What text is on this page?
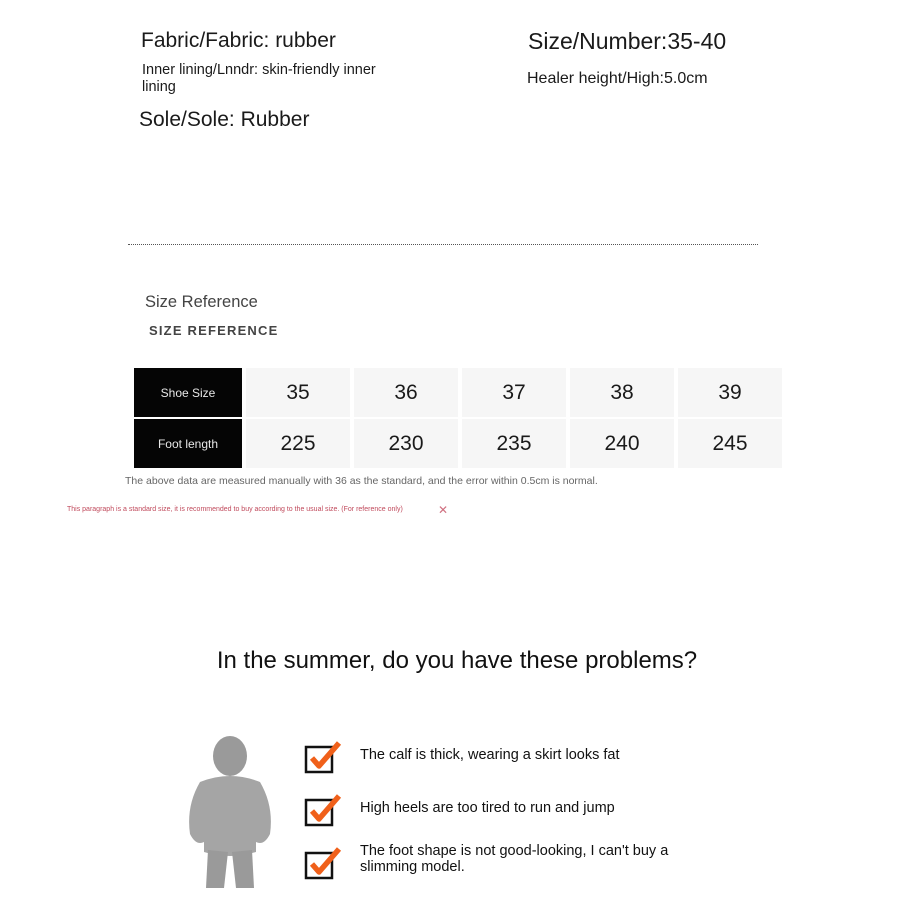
Fabric/Fabric: rubber
Inner lining/Lnndr: skin-friendly inner lining
Sole/Sole: Rubber
Size/Number:35-40
Healer height/High:5.0cm
Size Reference
SIZE REFERENCE
Shoe Size	35	36	37	38	39
Foot length	225	230	235	240	245
The above data are measured manually with 36 as the standard, and the error within 0.5cm is normal.
This paragraph is a standard size, it is recommended to buy according to the usual size. (For reference only)	✕
In the summer, do you have these problems?
The calf is thick, wearing a skirt looks fat
High heels are too tired to run and jump
The foot shape is not good-looking, I can't buy a slimming model.
